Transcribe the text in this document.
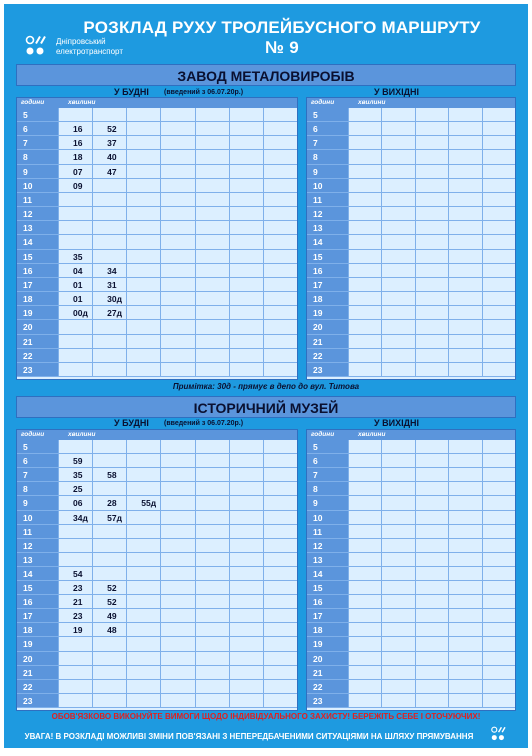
РОЗКЛАД РУХУ ТРОЛЕЙБУСНОГО МАРШРУТУ № 9
Дніпровський
електротранспорт
ЗАВОД МЕТАЛОВИРОБІВ
У БУДНІ (введений з 06.07.20р.)	У ВИХІДНІ
години	хвилини
5
6	16	52
7	16	37
8	18	40
9	07	47
10	09
11
12
13
14
15	35
16	04	34
17	01	31
18	01	30д
19	00д	27д
20
21
22
23
години	хвилини
5
6
7
8
9
10
11
12
13
14
15
16
17
18
19
20
21
22
23
Примітка: 30д - прямує в депо до вул. Титова
ІСТОРИЧНИЙ МУЗЕЙ
У БУДНІ (введений з 06.07.20р.)	У ВИХІДНІ
години	хвилини
5
6	59
7	35	58
8	25
9	06	28	55д
10	34д	57д
11
12
13
14	54
15	23	52
16	21	52
17	23	49
18	19	48
19
20
21
22
23
години	хвилини
5
6
7
8
9
10
11
12
13
14
15
16
17
18
19
20
21
22
23
ОБОВ'ЯЗКОВО ВИКОНУЙТЕ ВИМОГИ ЩОДО ІНДИВІДУАЛЬНОГО ЗАХИСТУ! БЕРЕЖІТЬ СЕБЕ І ОТОЧУЮЧИХ!
УВАГА! В РОЗКЛАДІ МОЖЛИВІ ЗМІНИ ПОВ'ЯЗАНІ З НЕПЕРЕДБАЧЕНИМИ СИТУАЦІЯМИ НА ШЛЯХУ ПРЯМУВАННЯ
